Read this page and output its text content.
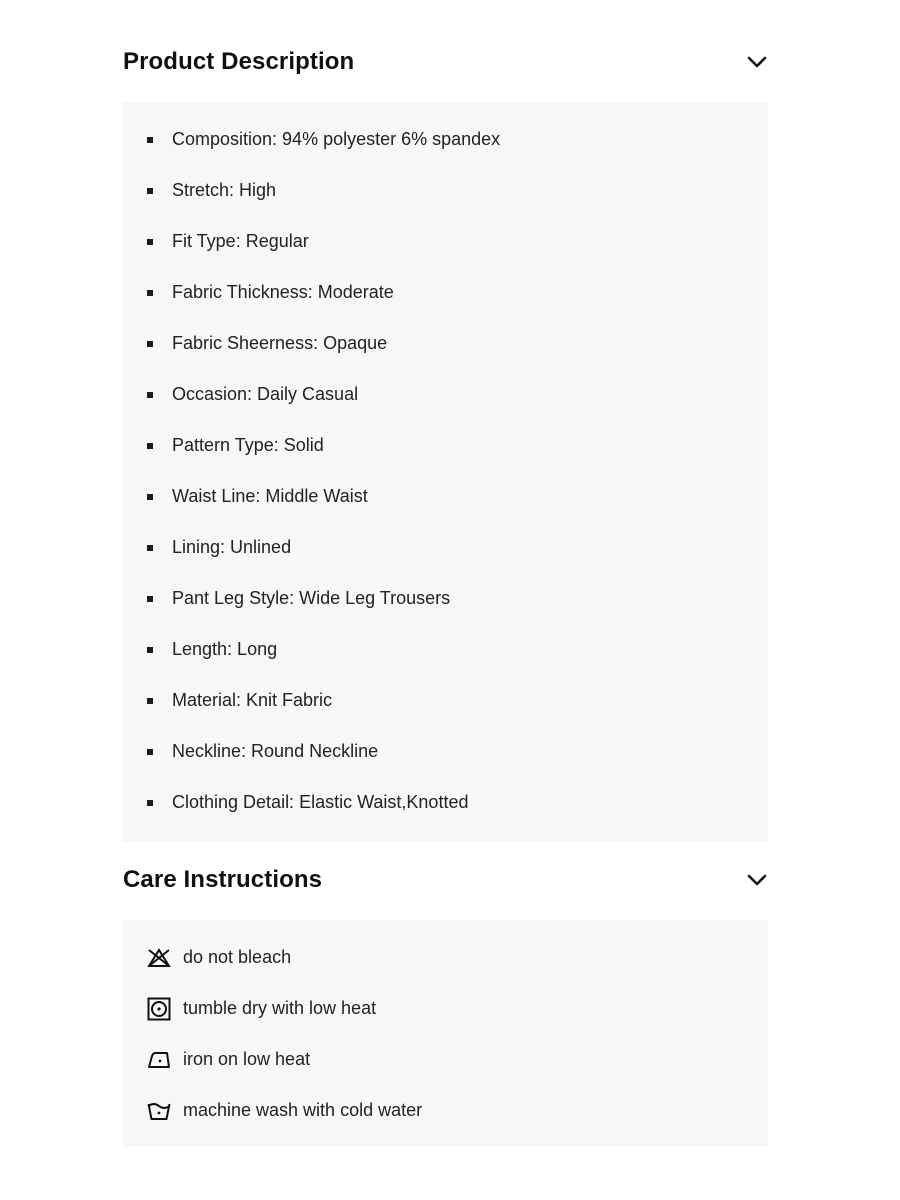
Product Description
Composition: 94% polyester 6% spandex
Stretch: High
Fit Type: Regular
Fabric Thickness: Moderate
Fabric Sheerness: Opaque
Occasion: Daily Casual
Pattern Type: Solid
Waist Line: Middle Waist
Lining: Unlined
Pant Leg Style: Wide Leg Trousers
Length: Long
Material: Knit Fabric
Neckline: Round Neckline
Clothing Detail: Elastic Waist,Knotted
Care Instructions
do not bleach
tumble dry with low heat
iron on low heat
machine wash with cold water
